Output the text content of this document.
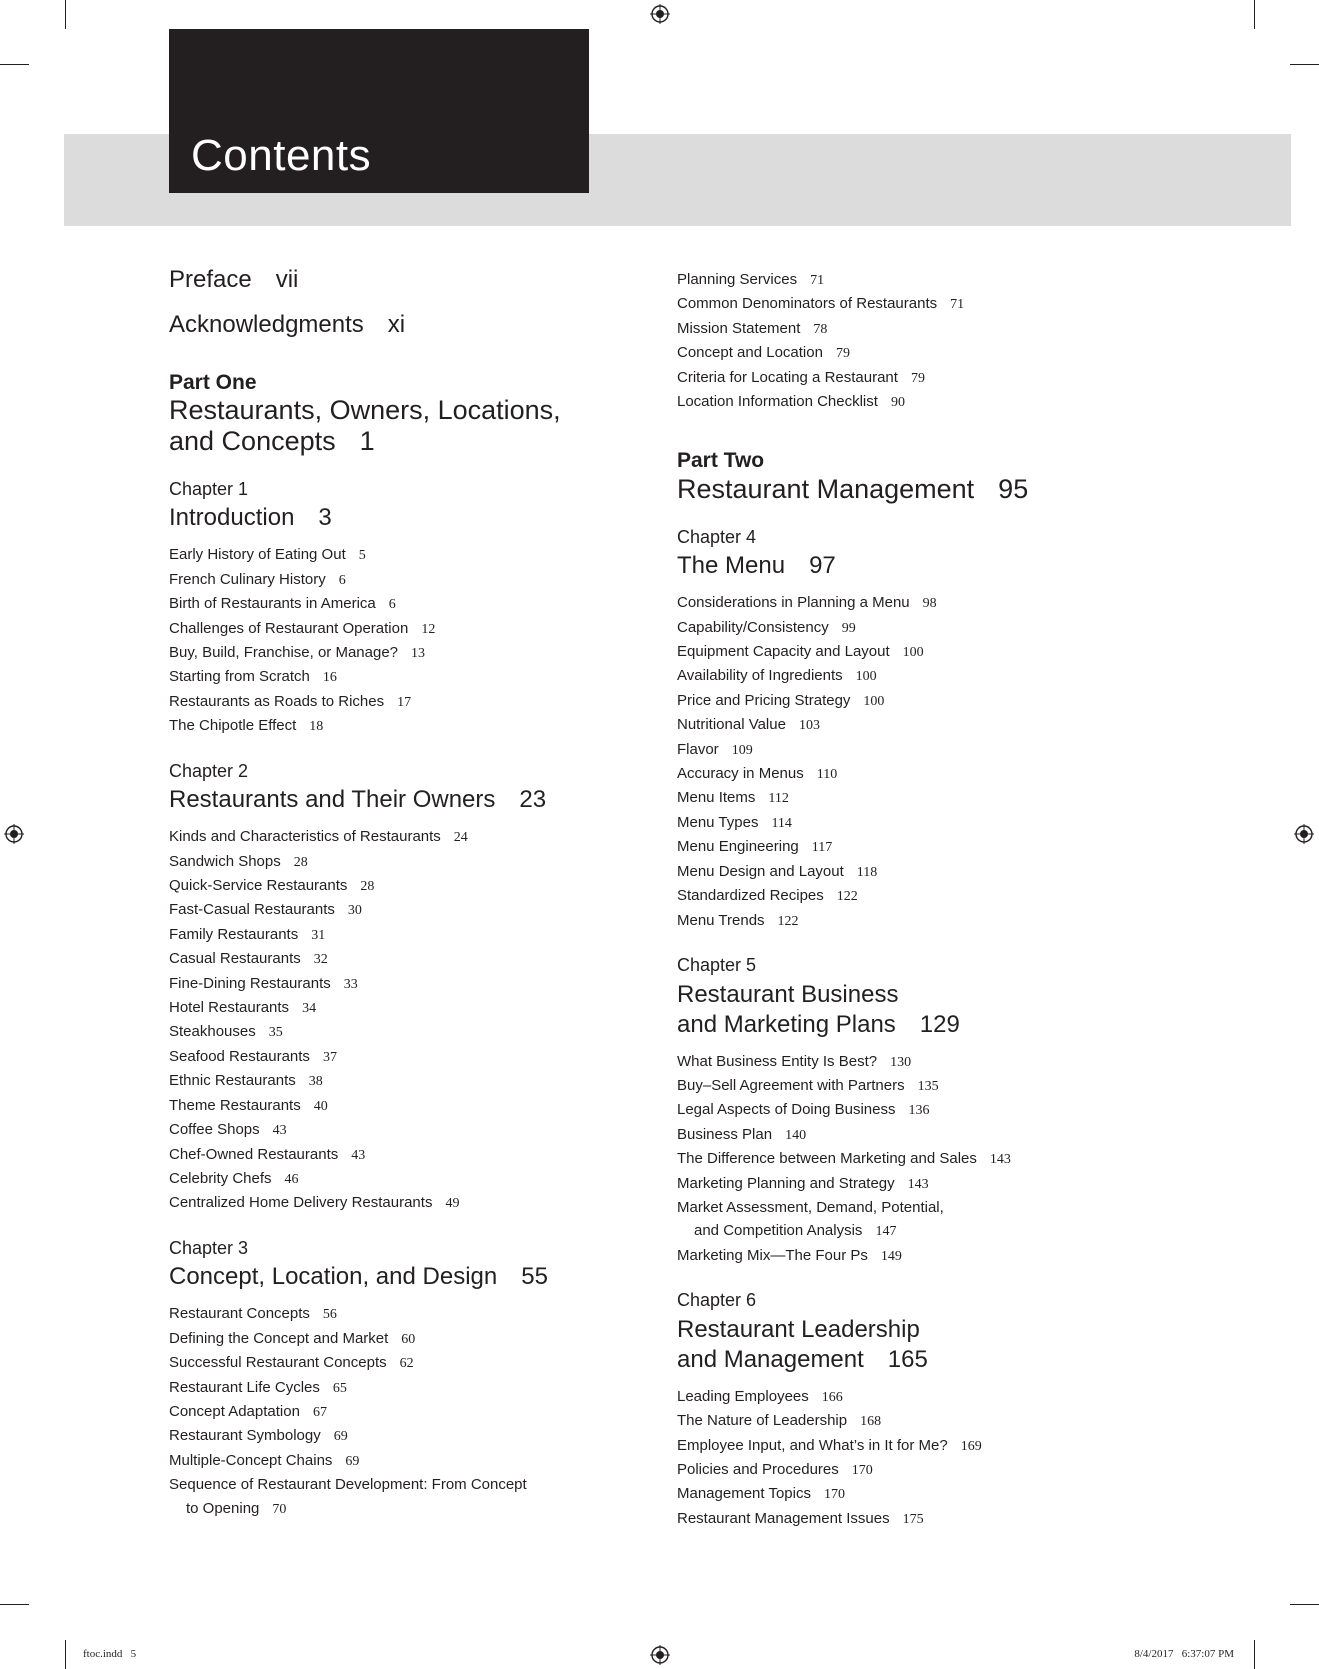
Contents
Preface vii
Acknowledgments xi
Part One
Restaurants, Owners, Locations,
and Concepts 1
Chapter 1
Introduction 3
Early History of Eating Out 5
French Culinary History 6
Birth of Restaurants in America 6
Challenges of Restaurant Operation 12
Buy, Build, Franchise, or Manage? 13
Starting from Scratch 16
Restaurants as Roads to Riches 17
The Chipotle Effect 18
Chapter 2
Restaurants and Their Owners 23
Kinds and Characteristics of Restaurants 24
Sandwich Shops 28
Quick-Service Restaurants 28
Fast-Casual Restaurants 30
Family Restaurants 31
Casual Restaurants 32
Fine-Dining Restaurants 33
Hotel Restaurants 34
Steakhouses 35
Seafood Restaurants 37
Ethnic Restaurants 38
Theme Restaurants 40
Coffee Shops 43
Chef-Owned Restaurants 43
Celebrity Chefs 46
Centralized Home Delivery Restaurants 49
Chapter 3
Concept, Location, and Design 55
Restaurant Concepts 56
Defining the Concept and Market 60
Successful Restaurant Concepts 62
Restaurant Life Cycles 65
Concept Adaptation 67
Restaurant Symbology 69
Multiple-Concept Chains 69
Sequence of Restaurant Development: From Concept
to Opening 70
Planning Services 71
Common Denominators of Restaurants 71
Mission Statement 78
Concept and Location 79
Criteria for Locating a Restaurant 79
Location Information Checklist 90
Part Two
Restaurant Management 95
Chapter 4
The Menu 97
Considerations in Planning a Menu 98
Capability/Consistency 99
Equipment Capacity and Layout 100
Availability of Ingredients 100
Price and Pricing Strategy 100
Nutritional Value 103
Flavor 109
Accuracy in Menus 110
Menu Items 112
Menu Types 114
Menu Engineering 117
Menu Design and Layout 118
Standardized Recipes 122
Menu Trends 122
Chapter 5
Restaurant Business
and Marketing Plans 129
What Business Entity Is Best? 130
Buy–Sell Agreement with Partners 135
Legal Aspects of Doing Business 136
Business Plan 140
The Difference between Marketing and Sales 143
Marketing Planning and Strategy 143
Market Assessment, Demand, Potential,
and Competition Analysis 147
Marketing Mix—The Four Ps 149
Chapter 6
Restaurant Leadership
and Management 165
Leading Employees 166
The Nature of Leadership 168
Employee Input, and What’s in It for Me? 169
Policies and Procedures 170
Management Topics 170
Restaurant Management Issues 175
ftoc.indd   5	8/4/2017   6:37:07 PM
